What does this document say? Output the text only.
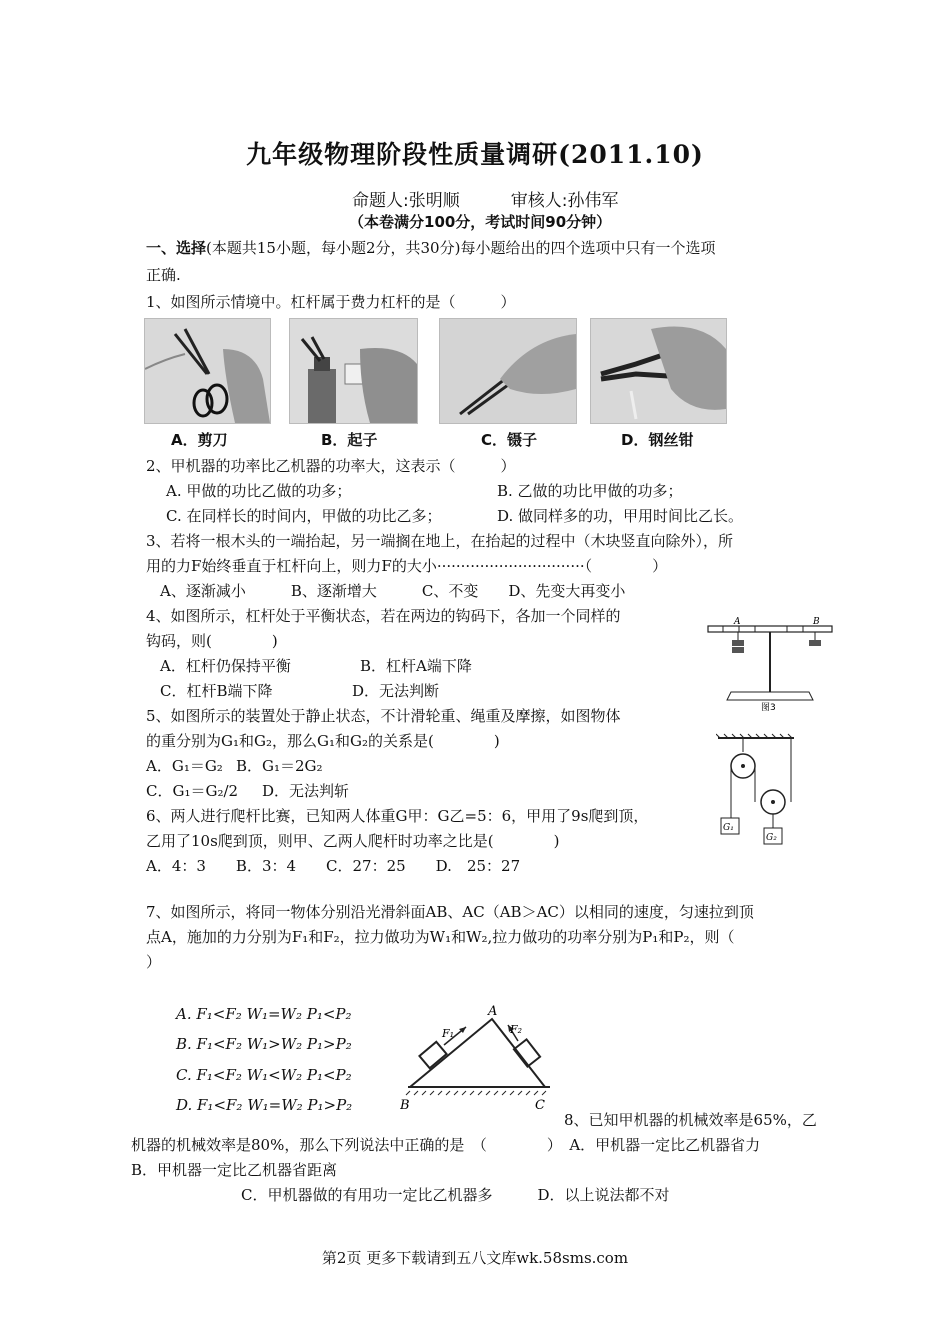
九年级物理阶段性质量调研(2011.10)
命题人:张明顺　　　审核人:孙伟军
（本卷满分100分，考试时间90分钟）
一、选择(本题共15小题，每小题2分，共30分)每小题给出的四个选项中只有一个选项
正确.
1、如图所示情境中。杠杆属于费力杠杆的是（　　　）
A．剪刀	B．起子	C．镊子	D．钢丝钳
2、甲机器的功率比乙机器的功率大，这表示（　　　）
A. 甲做的功比乙做的功多；	B. 乙做的功比甲做的功多；
C. 在同样长的时间内，甲做的功比乙多；	D. 做同样多的功，甲用时间比乙长。
3、若将一根木头的一端抬起，另一端搁在地上，在抬起的过程中（木块竖直向除外），所
用的力F始终垂直于杠杆向上，则力F的大小·······························（　　　　）
A、逐渐减小　　　B、逐渐增大　　　C、不变　　D、先变大再变小
4、如图所示，杠杆处于平衡状态，若在两边的钩码下，各加一个同样的
钩码，则(　　　　)
A．杠杆仍保持平衡	B．杠杆A端下降
C．杠杆B端下降	D．无法判断
A	B
图3
5、如图所示的装置处于静止状态，不计滑轮重、绳重及摩擦，如图物体
的重分别为G₁和G₂，那么G₁和G₂的关系是(　　　　)
A．G₁＝G₂ B．G₁＝2G₂
C．G₁＝G₂/2 D．无法判斩
G₁
G₂
6、两人进行爬杆比赛，已知两人体重G甲：G乙=5：6，甲用了9s爬到顶，
乙用了10s爬到顶，则甲、乙两人爬杆时功率之比是(　　　　)
A．4：3　　B．3：4　　C．27：25　　D.　25：27
7、如图所示，将同一物体分别沿光滑斜面AB、AC（AB＞AC）以相同的速度，匀速拉到顶
点A，施加的力分别为F₁和F₂，拉力做功为W₁和W₂,拉力做功的功率分别为P₁和P₂，则（
）
A. F₁<F₂ W₁=W₂ P₁<P₂
B. F₁<F₂ W₁>W₂ P₁>P₂
C. F₁<F₂ W₁<W₂ P₁<P₂
D. F₁<F₂ W₁=W₂ P₁>P₂
A
B	C
F₁	F₂
8、已知甲机器的机械效率是65%，乙
机器的机械效率是80%，那么下列说法中正确的是　（　　　　）　A．甲机器一定比乙机器省力
B．甲机器一定比乙机器省距离
C．甲机器做的有用功一定比乙机器多　　　D．以上说法都不对
第2页 更多下载请到五八文库wk.58sms.com
